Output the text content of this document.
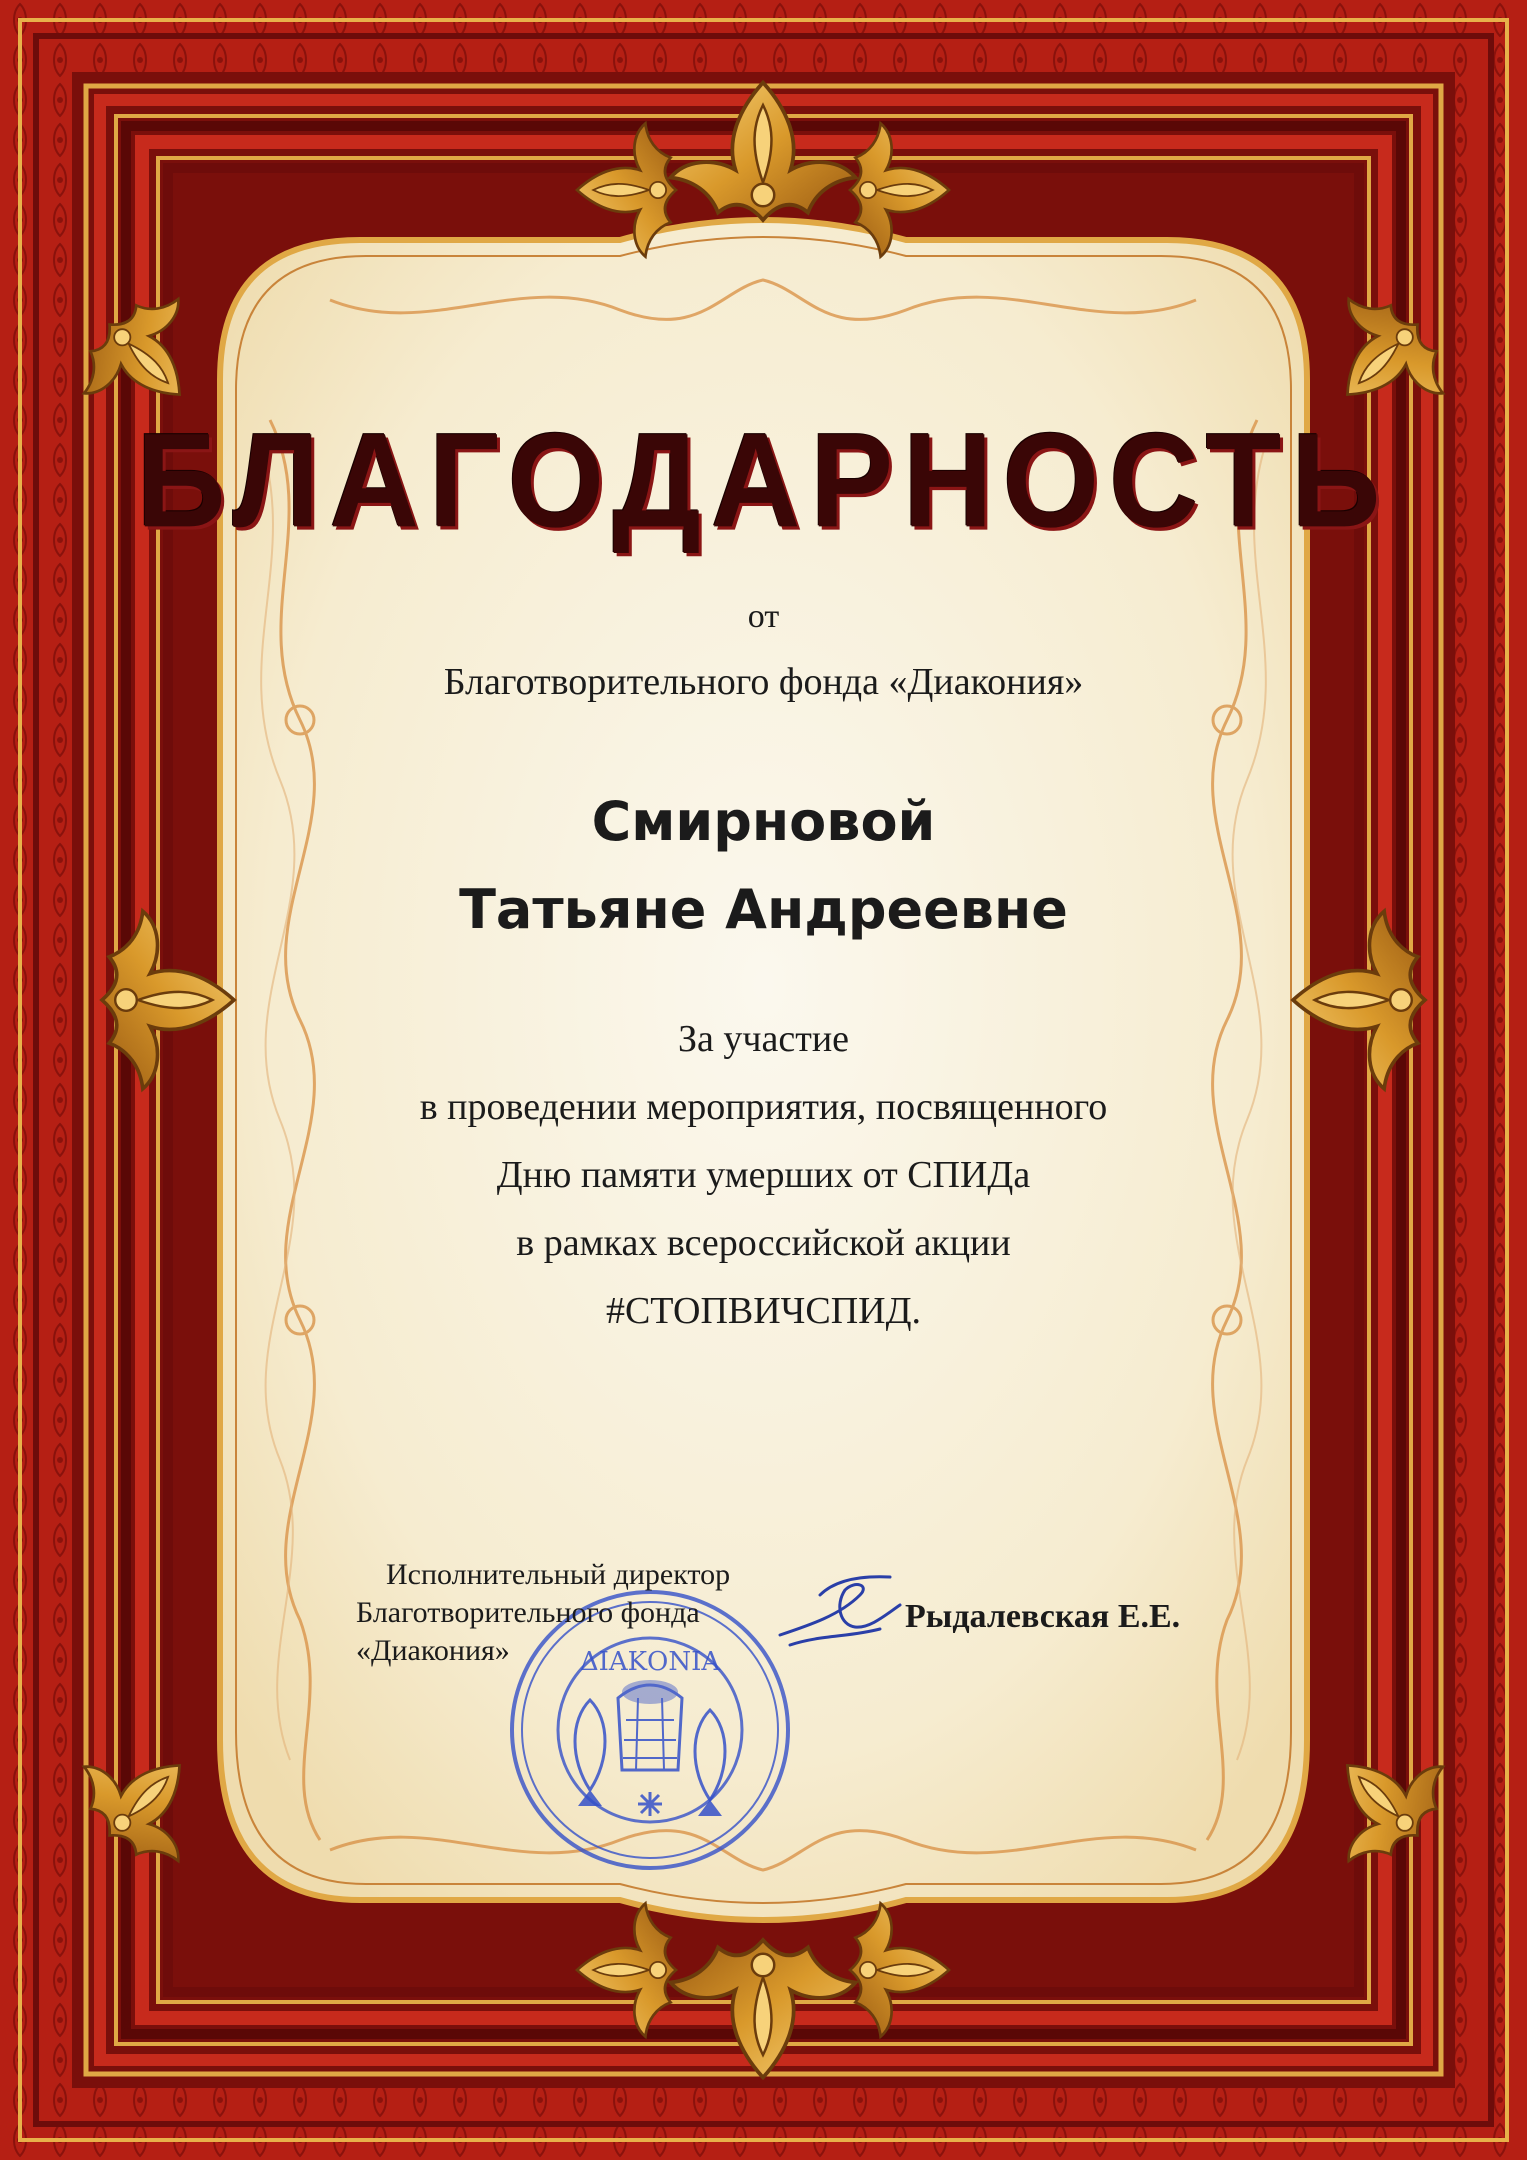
БЛАГОДАРНОСТЬ
от
Благотворительного фонда «Диакония»
Смирновой
Татьяне Андреевне
За участие
в проведении мероприятия, посвященного
Дню памяти умерших от СПИДа
в рамках всероссийской акции
#СТОПВИЧСПИД.
ΔΙΑΚΟΝΙΑ
Исполнительный директор
Благотворительного фонда
«Диакония»
Рыдалевская Е.Е.
